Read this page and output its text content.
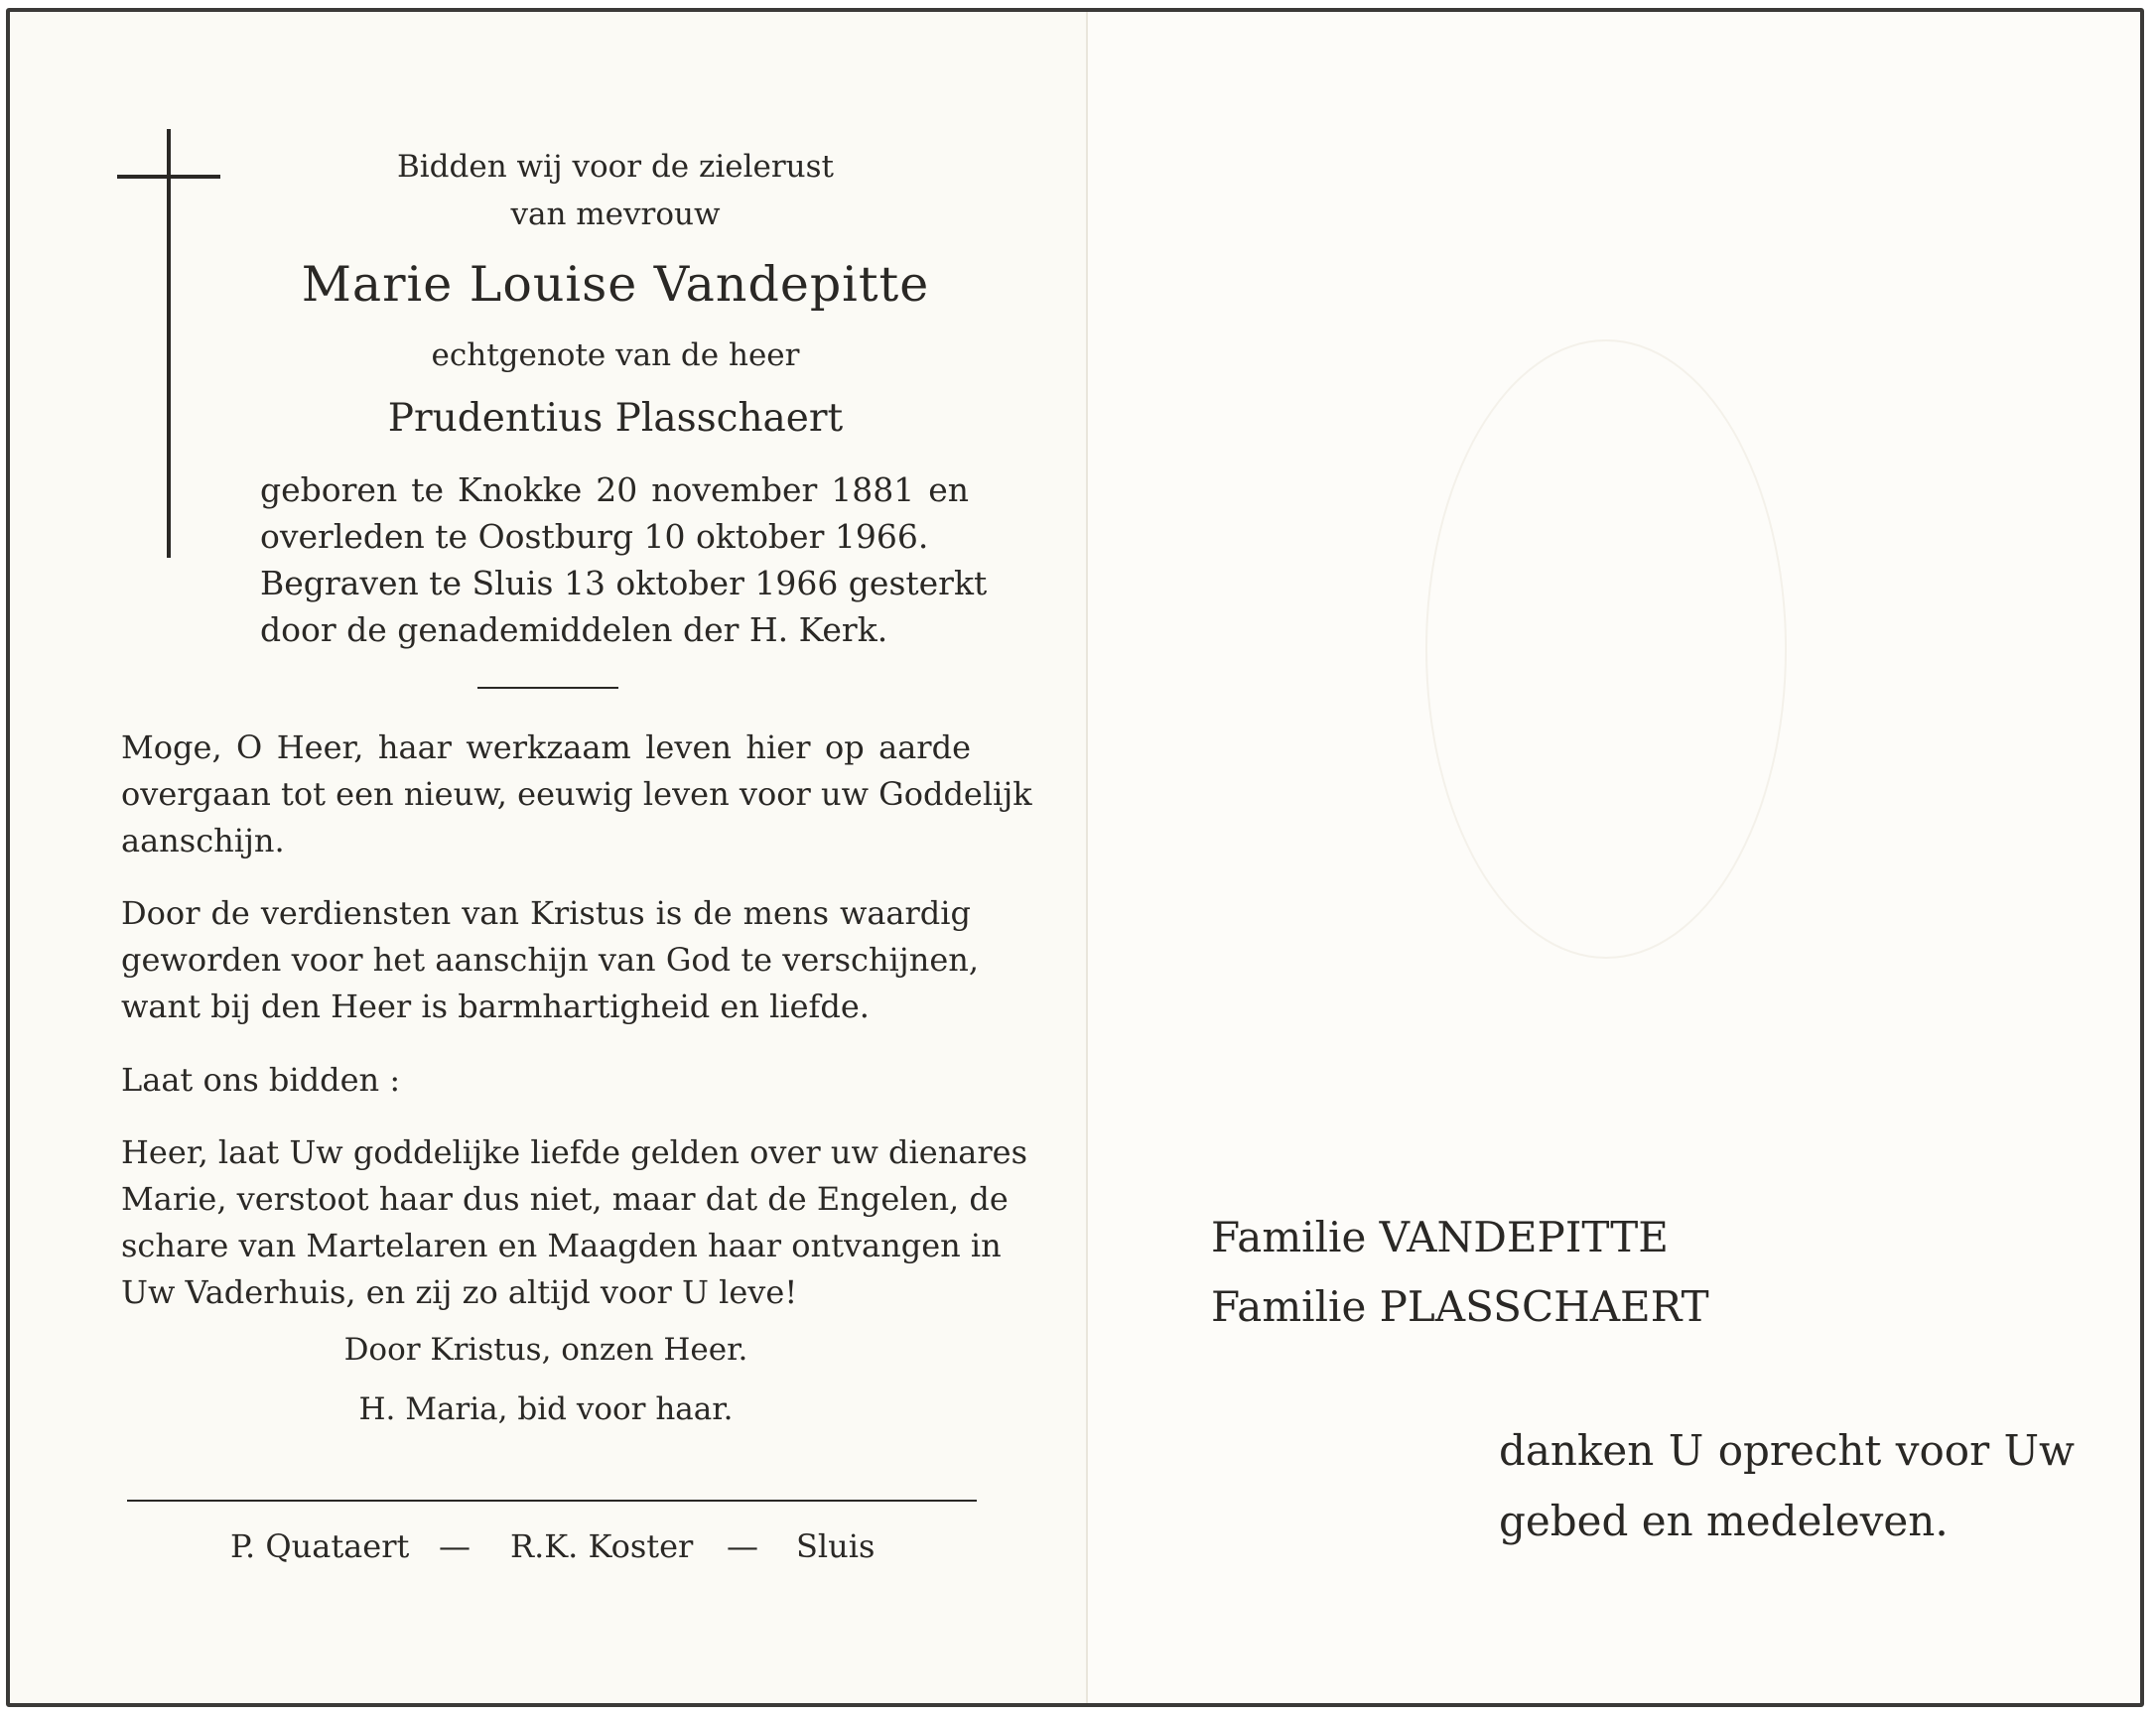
Bidden wij voor de zielerust

van mevrouw

Marie Louise Vandepitte

echtgenote van de heer

Prudentius Plasschaert

geboren te Knokke 20 november 1881 en

overleden te Oostburg 10 oktober 1966.

Begraven te Sluis 13 oktober 1966 gesterkt

door de genademiddelen der H. Kerk.

Moge, O Heer, haar werkzaam leven hier op aarde

overgaan tot een nieuw, eeuwig leven voor uw Goddelijk

aanschijn.

Door de verdiensten van Kristus is de mens waardig

geworden voor het aanschijn van God te verschijnen,

want bij den Heer is barmhartigheid en liefde.

Laat ons bidden :

Heer, laat Uw goddelijke liefde gelden over uw dienares

Marie, verstoot haar dus niet, maar dat de Engelen, de

schare van Martelaren en Maagden haar ontvangen in

Uw Vaderhuis, en zij zo altijd voor U leve!

Door Kristus, onzen Heer.

H. Maria, bid voor haar.

P. Quataert — R.K. Koster — Sluis
Familie VANDEPITTE
Familie PLASSCHAERT
danken U oprecht voor Uw
gebed en medeleven.
